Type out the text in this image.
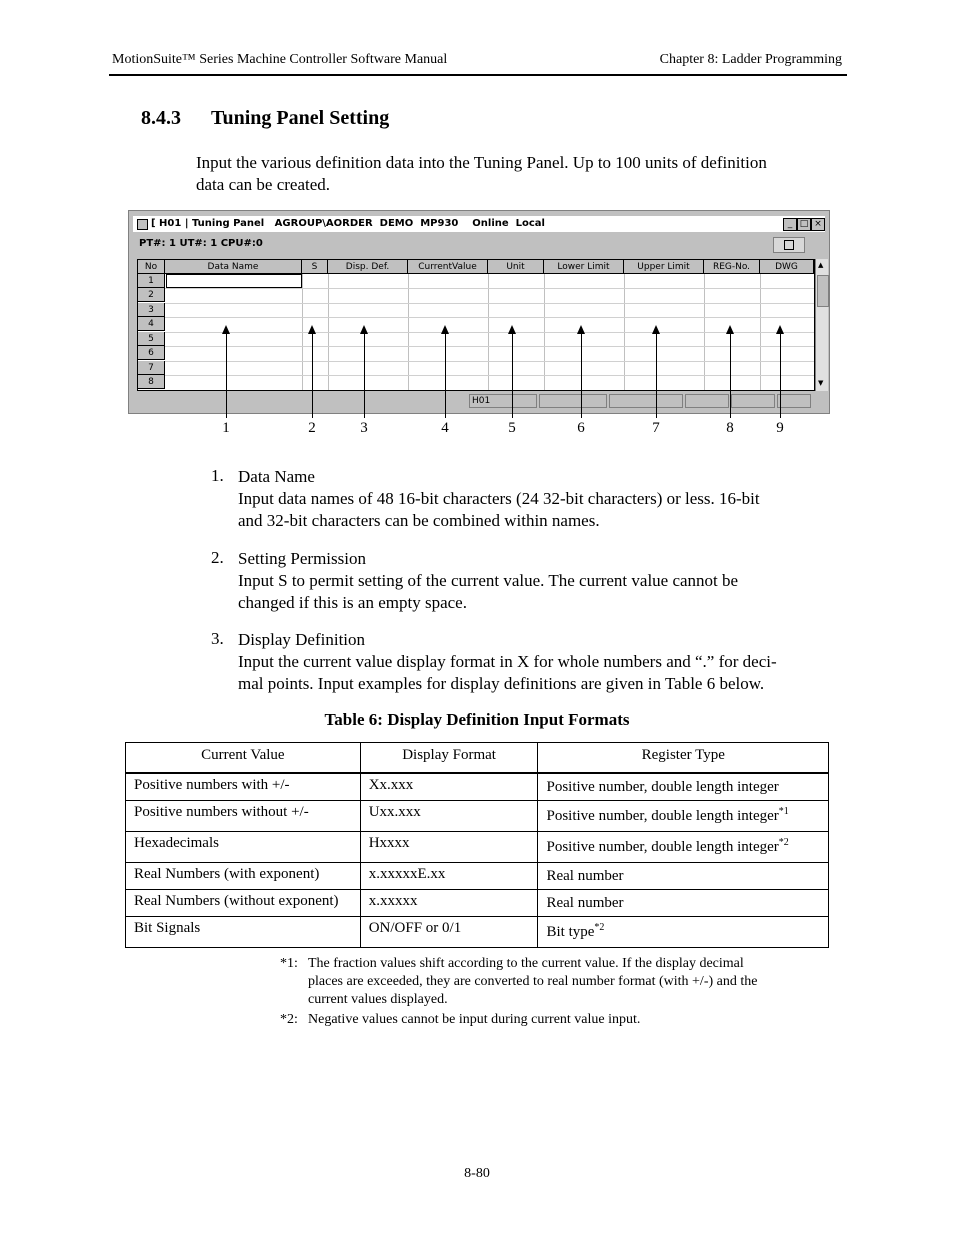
MotionSuite™ Series Machine Controller Software Manual	Chapter 8: Ladder Programming
8.4.3 Tuning Panel Setting
Input the various definition data into the Tuning Panel. Up to 100 units of definition
data can be created.
[ H01 | Tuning Panel   AGROUP\AORDER  DEMO  MP930    Online  Local	_ □ ×
PT#: 1 UT#: 1 CPU#:0
No	Data Name	S	Disp. Def.	CurrentValue	Unit	Lower Limit	Upper Limit	REG-No.	DWG
1
2
3
4
5
6
7
8
▲
▼
H01
1	2	3	4	5	6	7	8	9
1. Data Name
Input data names of 48 16-bit characters (24 32-bit characters) or less. 16-bit
and 32-bit characters can be combined within names.
2. Setting Permission
Input S to permit setting of the current value. The current value cannot be
changed if this is an empty space.
3. Display Definition
Input the current value display format in X for whole numbers and “.” for deci-
mal points. Input examples for display definitions are given in Table 6 below.
Table 6: Display Definition Input Formats
Current Value	Display Format	Register Type
Positive numbers with +/-	Xx.xxx	Positive number, double length integer
Positive numbers without +/-	Uxx.xxx	Positive number, double length integer$^{*1}$
Hexadecimals	Hxxxx	Positive number, double length integer$^{*2}$
Real Numbers (with exponent)	x.xxxxxE.xx	Real number
Real Numbers (without exponent)	x.xxxxx	Real number
Bit Signals	ON/OFF or 0/1	Bit type$^{*2}$
*1: The fraction values shift according to the current value. If the display decimal
places are exceeded, they are converted to real number format (with +/-) and the
current values displayed.
*2: Negative values cannot be input during current value input.
8-80
